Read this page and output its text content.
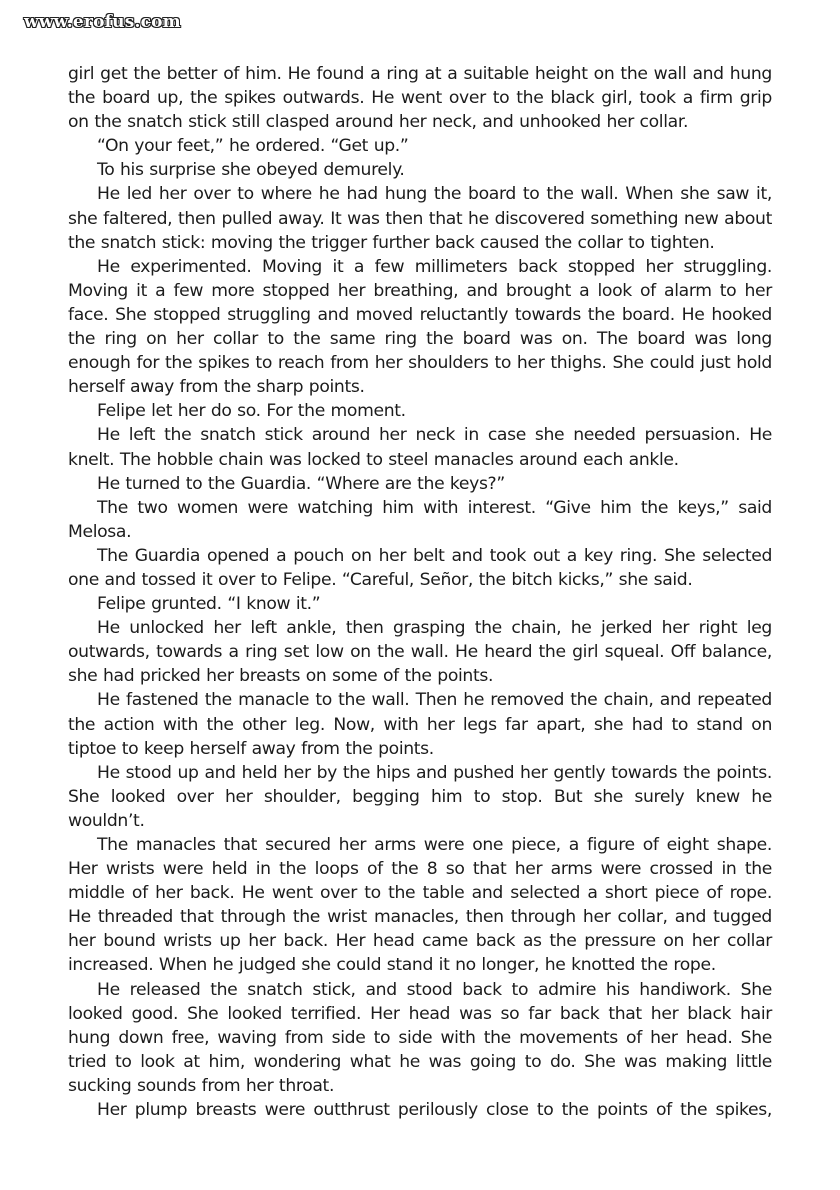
www.erofus.com

girl get the better of him. He found a ring at a suitable height on the wall and hung the board up, the spikes outwards. He went over to the black girl, took a firm grip on the snatch stick still clasped around her neck, and unhooked her collar.

“On your feet,” he ordered. “Get up.”

To his surprise she obeyed demurely.

He led her over to where he had hung the board to the wall. When she saw it, she faltered, then pulled away. It was then that he discovered something new about the snatch stick: moving the trigger further back caused the collar to tighten.

He experimented. Moving it a few millimeters back stopped her struggling. Moving it a few more stopped her breathing, and brought a look of alarm to her face. She stopped struggling and moved reluctantly towards the board. He hooked the ring on her collar to the same ring the board was on. The board was long enough for the spikes to reach from her shoulders to her thighs. She could just hold herself away from the sharp points.

Felipe let her do so. For the moment.

He left the snatch stick around her neck in case she needed persuasion. He knelt. The hobble chain was locked to steel manacles around each ankle.

He turned to the Guardia. “Where are the keys?”

The two women were watching him with interest. “Give him the keys,” said Melosa.

The Guardia opened a pouch on her belt and took out a key ring. She selected one and tossed it over to Felipe. “Careful, Señor, the bitch kicks,” she said.

Felipe grunted. “I know it.”

He unlocked her left ankle, then grasping the chain, he jerked her right leg outwards, towards a ring set low on the wall. He heard the girl squeal. Off balance, she had pricked her breasts on some of the points.

He fastened the manacle to the wall. Then he removed the chain, and repeated the action with the other leg. Now, with her legs far apart, she had to stand on tiptoe to keep herself away from the points.

He stood up and held her by the hips and pushed her gently towards the points. She looked over her shoulder, begging him to stop. But she surely knew he wouldn’t.

The manacles that secured her arms were one piece, a figure of eight shape. Her wrists were held in the loops of the 8 so that her arms were crossed in the middle of her back. He went over to the table and selected a short piece of rope. He threaded that through the wrist manacles, then through her collar, and tugged her bound wrists up her back. Her head came back as the pressure on her collar increased. When he judged she could stand it no longer, he knotted the rope.

He released the snatch stick, and stood back to admire his handiwork. She looked good. She looked terrified. Her head was so far back that her black hair hung down free, waving from side to side with the movements of her head. She tried to look at him, wondering what he was going to do. She was making little sucking sounds from her throat.

Her plump breasts were outthrust perilously close to the points of the spikes,
